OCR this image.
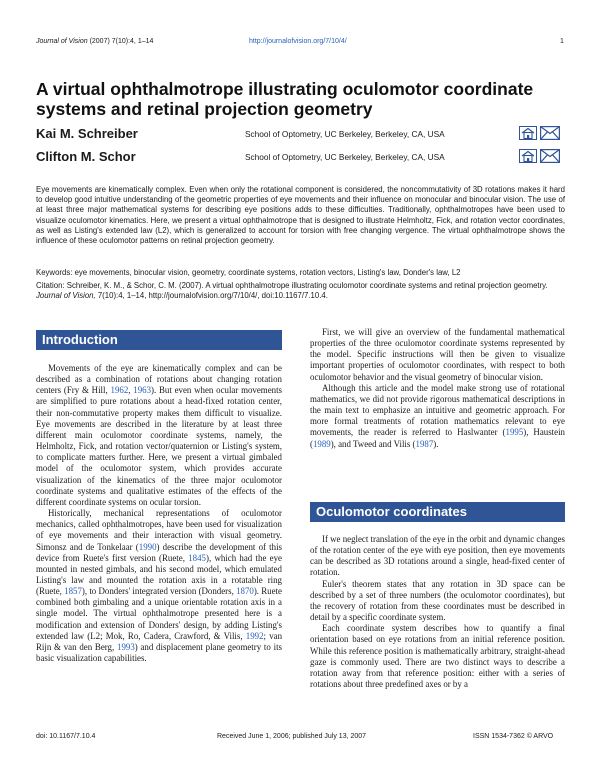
Journal of Vision (2007) 7(10):4, 1–14	http://journalofvision.org/7/10/4/	1
A virtual ophthalmotrope illustrating oculomotor coordinate systems and retinal projection geometry
Kai M. Schreiber	School of Optometry, UC Berkeley, Berkeley, CA, USA
Clifton M. Schor	School of Optometry, UC Berkeley, Berkeley, CA, USA

Eye movements are kinematically complex. Even when only the rotational component is considered, the noncommutativity of 3D rotations makes it hard to develop good intuitive understanding of the geometric properties of eye movements and their influence on monocular and binocular vision. The use of at least three major mathematical systems for describing eye positions adds to these difficulties. Traditionally, ophthalmotropes have been used to visualize oculomotor kinematics. Here, we present a virtual ophthalmotrope that is designed to illustrate Helmholtz, Fick, and rotation vector coordinates, as well as Listing's extended law (L2), which is generalized to account for torsion with free changing vergence. The virtual ophthalmotrope shows the influence of these oculomotor patterns on retinal projection geometry.

Keywords: eye movements, binocular vision, geometry, coordinate systems, rotation vectors, Listing's law, Donder's law, L2

Citation: Schreiber, K. M., & Schor, C. M. (2007). A virtual ophthalmotrope illustrating oculomotor coordinate systems and retinal projection geometry. Journal of Vision, 7(10):4, 1–14, http://journalofvision.org/7/10/4/, doi:10.1167/7.10.4.

Introduction
Oculomotor coordinates

Movements of the eye are kinematically complex and can be described as a combination of rotations about changing rotation centers (Fry & Hill, 1962, 1963). But even when ocular movements are simplified to pure rotations about a head-fixed rotation center, their non-commutative property makes them difficult to visualize. Eye movements are described in the literature by at least three different main oculomotor coordinate systems, namely, the Helmholtz, Fick, and rotation vector/quaternion or Listing's system, to complicate matters further. Here, we present a virtual gimbaled model of the oculomotor system, which provides accurate visualization of the kinematics of the three major oculomotor coordinate systems and qualitative estimates of the effects of the different coordinate systems on ocular torsion.

Historically, mechanical representations of oculomotor mechanics, called ophthalmotropes, have been used for visualization of eye movements and their interaction with visual geometry. Simonsz and de Tonkelaar (1990) describe the development of this device from Ruete's first version (Ruete, 1845), which had the eye mounted in nested gimbals, and his second model, which emulated Listing's law and mounted the rotation axis in a rotatable ring (Ruete, 1857), to Donders' integrated version (Donders, 1870). Ruete combined both gimbaling and a unique orientable rotation axis in a single model. The virtual ophthalmotrope presented here is a modification and extension of Donders' design, by adding Listing's extended law (L2; Mok, Ro, Cadera, Crawford, & Vilis, 1992; van Rijn & van den Berg, 1993) and displacement plane geometry to its basic visualization capabilities.

First, we will give an overview of the fundamental mathematical properties of the three oculomotor coordinate systems represented by the model. Specific instructions will then be given to visualize important properties of oculomotor coordinates, with respect to both oculomotor behavior and the visual geometry of binocular vision.

Although this article and the model make strong use of rotational mathematics, we did not provide rigorous mathematical descriptions in the main text to emphasize an intuitive and geometric approach. For more formal treatments of rotation mathematics relevant to eye movements, the reader is referred to Haslwanter (1995), Haustein (1989), and Tweed and Vilis (1987).

If we neglect translation of the eye in the orbit and dynamic changes of the rotation center of the eye with eye position, then eye movements can be described as 3D rotations around a single, head-fixed center of rotation.

Euler's theorem states that any rotation in 3D space can be described by a set of three numbers (the oculomotor coordinates), but the recovery of rotation from these coordinates must be described in detail by a specific coordinate system.

Each coordinate system describes how to quantify a final orientation based on eye rotations from an initial reference position. While this reference position is mathematically arbitrary, straight-ahead gaze is commonly used. There are two distinct ways to describe a rotation away from that reference position: either with a series of rotations about three predefined axes or by a

doi: 10.1167/7.10.4	Received June 1, 2006; published July 13, 2007	ISSN 1534-7362 © ARVO
